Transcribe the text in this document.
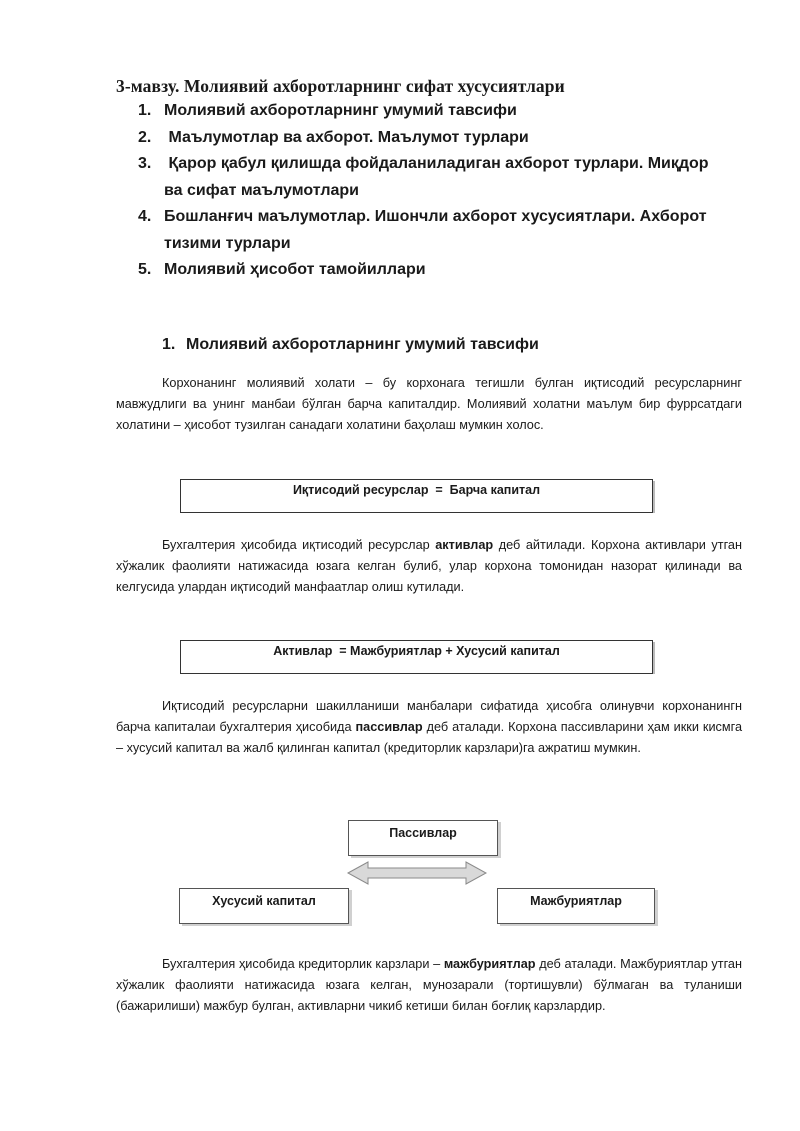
3-мавзу. Молиявий ахборотларнинг сифат хусусиятлари
1. Молиявий ахборотларнинг умумий тавсифи
2. Маълумотлар ва ахборот. Маълумот турлари
3. Қарор қабул қилишда фойдаланиладиган ахборот турлари. Миқдор
ва сифат маълумотлари
4. Бошланғич маълумотлар. Ишончли ахборот хусусиятлари. Ахборот
тизими турлари
5. Молиявий ҳисобот тамойиллари
1. Молиявий ахборотларнинг умумий тавсифи

Корхонанинг молиявий холати – бу корхонага тегишли булган иқтисодий ресурсларнинг мавжудлиги ва унинг манбаи бўлган барча капиталдир. Молиявий холатни маълум бир фуррсатдаги холатини – ҳисобот тузилган санадаги холатини баҳолаш мумкин холос.

Иқтисодий ресурслар  =  Барча капитал

Бухгалтерия ҳисобида иқтисодий ресурслар активлар деб айтилади. Корхона активлари утган хўжалик фаолияти натижасида юзага келган булиб, улар корхона томонидан назорат қилинади ва келгусида улардан иқтисодий манфаатлар олиш кутилади.

Активлар  = Мажбуриятлар + Хусусий капитал

Иқтисодий ресурсларни шакилланиши манбалари сифатида ҳисобга олинувчи корхонанингн барча капиталаи бухгалтерия ҳисобида пассивлар деб аталади. Корхона пассивларини ҳам икки кисмга – хусусий капитал ва жалб қилинган капитал (кредиторлик карзлари)га ажратиш мумкин.

Пассивлар
Хусусий капитал	Мажбуриятлар

Бухгалтерия ҳисобида кредиторлик карзлари – мажбуриятлар деб аталади. Мажбуриятлар утган хўжалик фаолияти натижасида юзага келган, мунозарали (тортишувли) бўлмаган ва туланиши (бажарилиши) мажбур булган, активларни чикиб кетиши билан боғлиқ карзлардир.
